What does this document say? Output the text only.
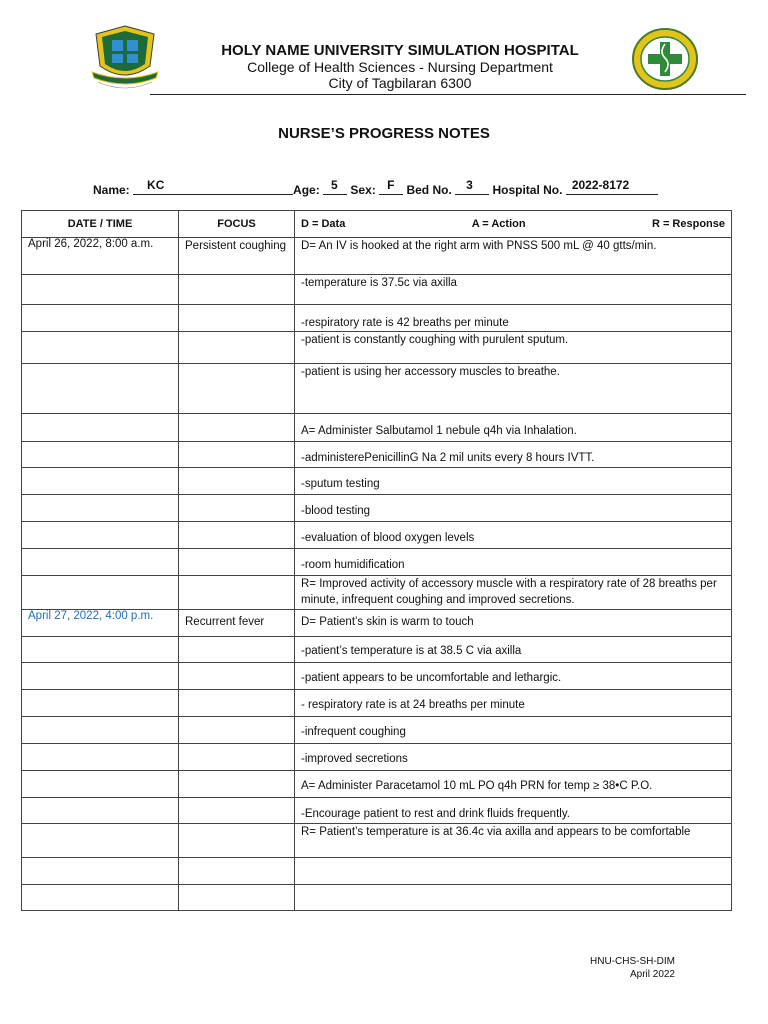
HOLY NAME UNIVERSITY SIMULATION HOSPITAL
College of Health Sciences - Nursing Department
City of Tagbilaran 6300
NURSE’S PROGRESS NOTES
Name: KC	Age: 5 Sex: F Bed No. 3 Hospital No. 2022-8172
DATE / TIME	FOCUS	D = Data A = Action R = Response

April 26, 2022, 8:00 a.m.	Persistent coughing	D= An IV is hooked at the right arm with PNSS 500 mL @ 40 gtts/min.
		-temperature is 37.5c via axilla
		-respiratory rate is 42 breaths per minute
		-patient is constantly coughing with purulent sputum.
		-patient is using her accessory muscles to breathe.
		A= Administer Salbutamol 1 nebule q4h via Inhalation.
		-administerePenicillinG Na 2 mil units every 8 hours IVTT.
		-sputum testing
		-blood testing
		-evaluation of blood oxygen levels
		-room humidification
		R= Improved activity of accessory muscle with a respiratory rate of 28 breaths per minute, infrequent coughing and improved secretions.
April 27, 2022, 4:00 p.m.	Recurrent fever	D= Patient’s skin is warm to touch
		-patient’s temperature is at 38.5 C via axilla
		-patient appears to be uncomfortable and lethargic.
		- respiratory rate is at 24 breaths per minute
		-infrequent coughing
		-improved secretions
		A= Administer Paracetamol 10 mL PO q4h PRN for temp ≥ 38•C P.O.
		-Encourage patient to rest and drink fluids frequently.
		R= Patient’s temperature is at 36.4c via axilla and appears to be comfortable

HNU-CHS-SH-DIM
April 2022
